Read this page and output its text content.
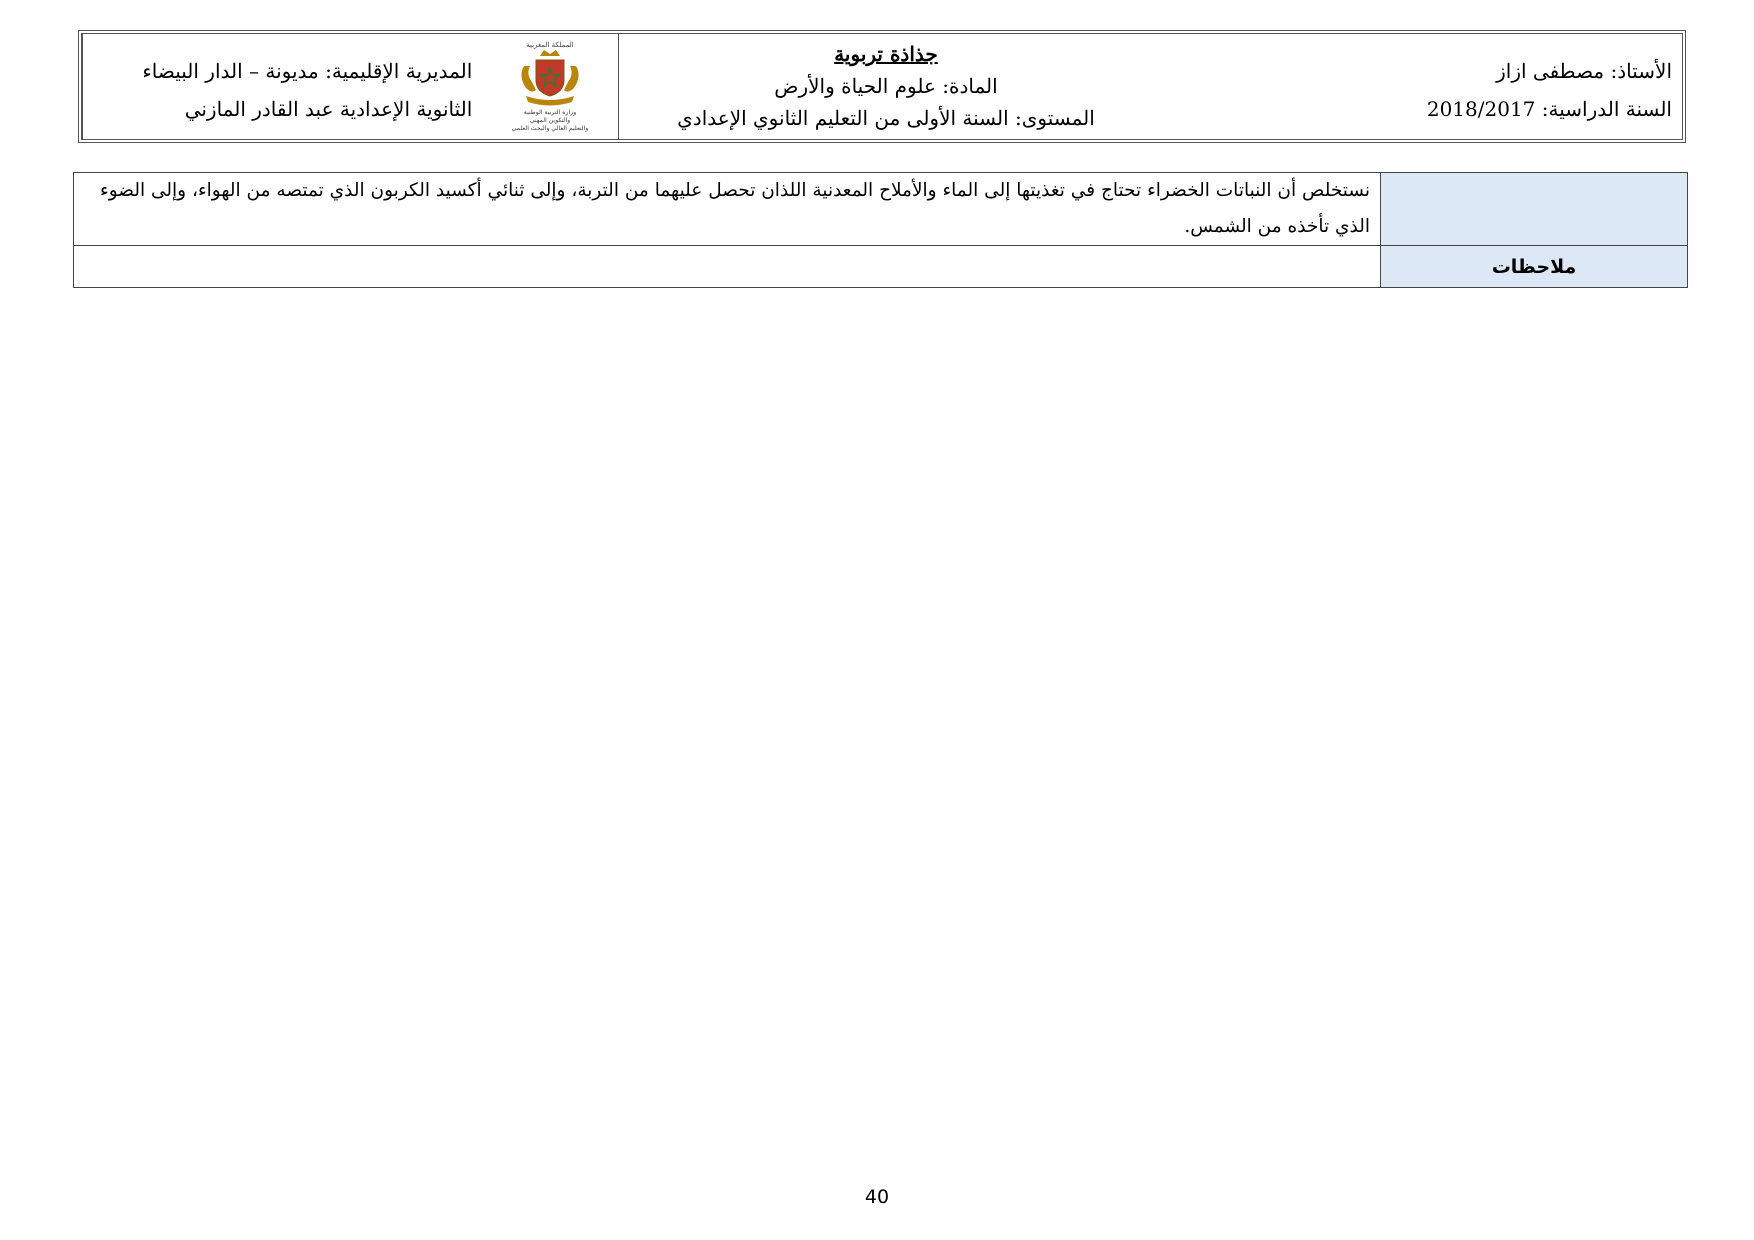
المملكة المغربية
وزارة التربية الوطنية
والتكوين المهني
والتعليم العالي والبحث العلمي
المديرية الإقليمية: مديونة – الدار البيضاء
الثانوية الإعدادية عبد القادر المازني
جذاذة تربوية
المادة: علوم الحياة والأرض
المستوى: السنة الأولى من التعليم الثانوي الإعدادي
الأستاذ: مصطفى ازاز
السنة الدراسية: 2018/2017
	نستخلص أن النباتات الخضراء تحتاج في تغذيتها إلى الماء والأملاح المعدنية اللذان تحصل عليهما من التربة، وإلى ثنائي أكسيد الكربون الذي تمتصه من الهواء، وإلى الضوء الذي تأخذه من الشمس.
ملاحظات	
40
